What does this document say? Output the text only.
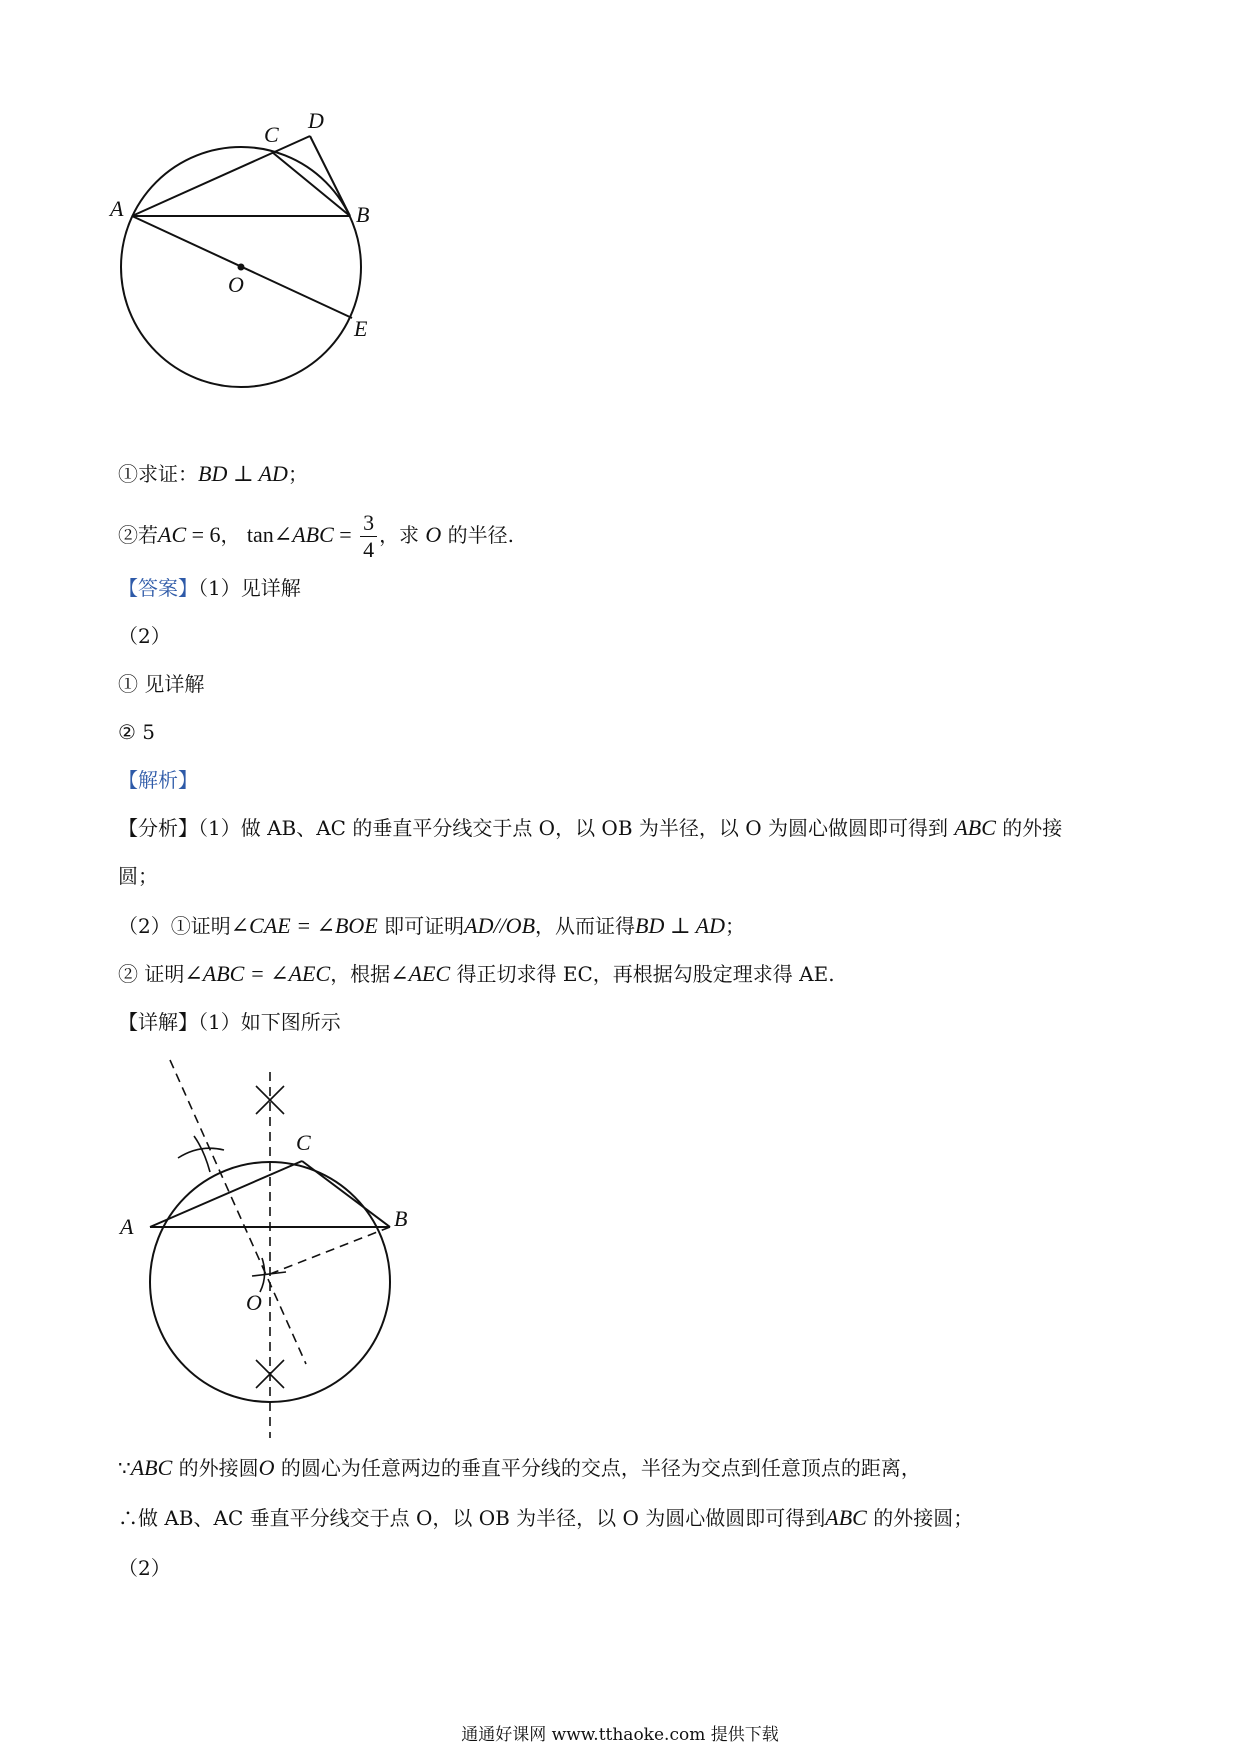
D
C
A	B
O
E
①求证：BD ⊥ AD；
②若AC = 6， tan∠ABC = $\frac{3}{4}$ ，求 O 的半径.
【答案】（1）见详解
（2）
① 见详解
② 5
【解析】
【分析】（1）做 AB、AC 的垂直平分线交于点 O，以 OB 为半径，以 O 为圆心做圆即可得到 ABC 的外接
圆；
（2）①证明∠CAE = ∠BOE 即可证明AD//OB，从而证得BD ⊥ AD；
② 证明∠ABC = ∠AEC，根据∠AEC 得正切求得 EC，再根据勾股定理求得 AE.
【详解】（1）如下图所示
C
A	B
O
∵ABC 的外接圆O 的圆心为任意两边的垂直平分线的交点，半径为交点到任意顶点的距离，
∴做 AB、AC 垂直平分线交于点 O，以 OB 为半径，以 O 为圆心做圆即可得到ABC 的外接圆；
（2）
通通好课网 www.tthaoke.com 提供下载
